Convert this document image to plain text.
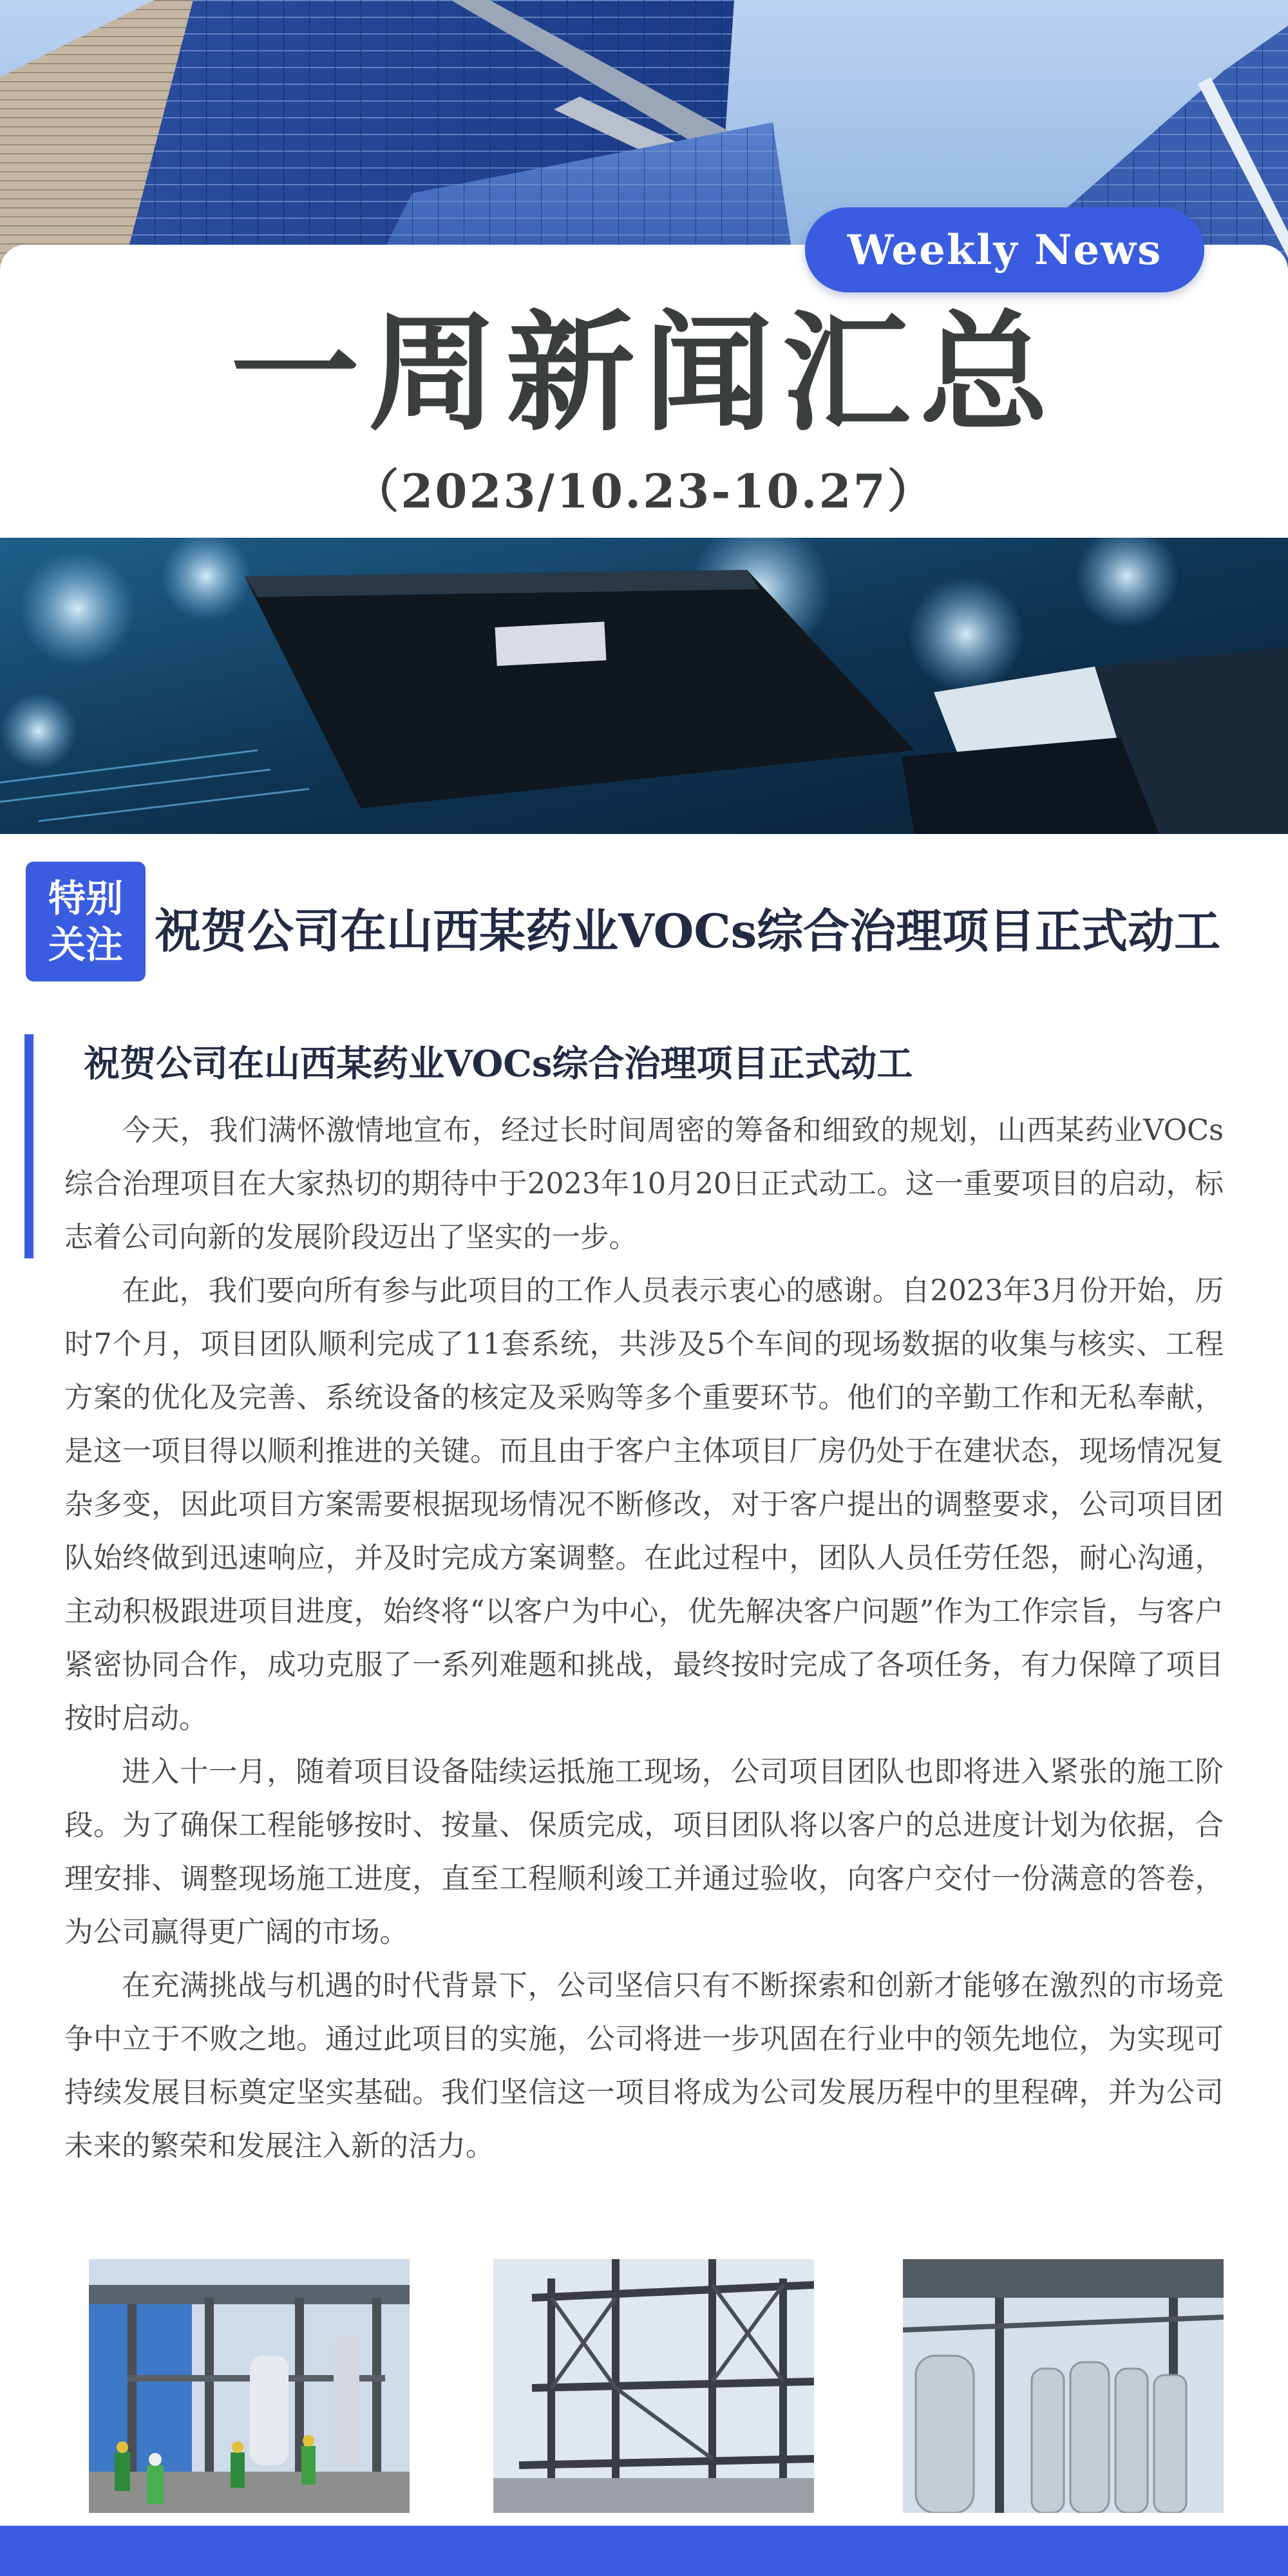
Weekly News
一周新闻汇总
（2023/10.23-10.27）
特别
关注 祝贺公司在山西某药业VOCs综合治理项目正式动工
祝贺公司在山西某药业VOCs综合治理项目正式动工

今天，我们满怀激情地宣布，经过长时间周密的筹备和细致的规划，山西某药业VOCs综合治理项目在大家热切的期待中于2023年10月20日正式动工。这一重要项目的启动，标志着公司向新的发展阶段迈出了坚实的一步。

在此，我们要向所有参与此项目的工作人员表示衷心的感谢。自2023年3月份开始，历时7个月，项目团队顺利完成了11套系统，共涉及5个车间的现场数据的收集与核实、工程方案的优化及完善、系统设备的核定及采购等多个重要环节。他们的辛勤工作和无私奉献，是这一项目得以顺利推进的关键。而且由于客户主体项目厂房仍处于在建状态，现场情况复杂多变，因此项目方案需要根据现场情况不断修改，对于客户提出的调整要求，公司项目团队始终做到迅速响应，并及时完成方案调整。在此过程中，团队人员任劳任怨，耐心沟通，主动积极跟进项目进度，始终将“以客户为中心，优先解决客户问题”作为工作宗旨，与客户紧密协同合作，成功克服了一系列难题和挑战，最终按时完成了各项任务，有力保障了项目按时启动。

进入十一月，随着项目设备陆续运抵施工现场，公司项目团队也即将进入紧张的施工阶段。为了确保工程能够按时、按量、保质完成，项目团队将以客户的总进度计划为依据，合理安排、调整现场施工进度，直至工程顺利竣工并通过验收，向客户交付一份满意的答卷，为公司赢得更广阔的市场。

在充满挑战与机遇的时代背景下，公司坚信只有不断探索和创新才能够在激烈的市场竞争中立于不败之地。通过此项目的实施，公司将进一步巩固在行业中的领先地位，为实现可持续发展目标奠定坚实基础。我们坚信这一项目将成为公司发展历程中的里程碑，并为公司未来的繁荣和发展注入新的活力。
